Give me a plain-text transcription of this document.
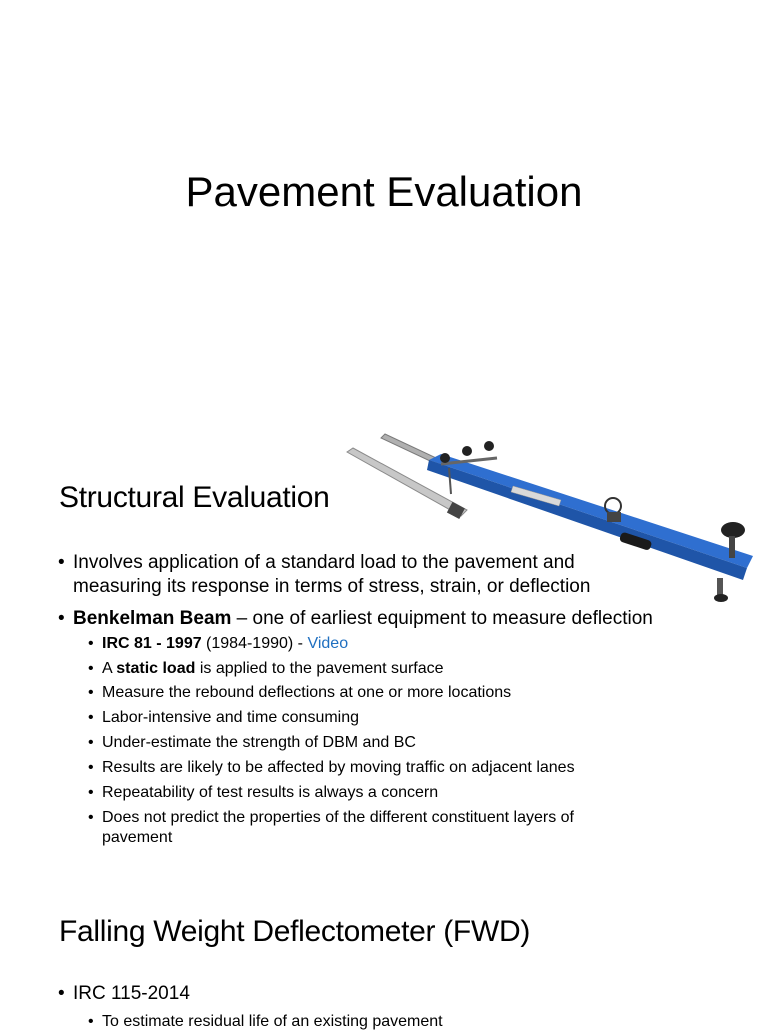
Pavement Evaluation
Structural Evaluation
• Involves application of a standard load to the pavement and
measuring its response in terms of stress, strain, or deflection
• Benkelman Beam – one of earliest equipment to measure deflection
• IRC 81 - 1997 (1984-1990) - Video
• A static load is applied to the pavement surface
• Measure the rebound deflections at one or more locations
• Labor-intensive and time consuming
• Under-estimate the strength of DBM and BC
• Results are likely to be affected by moving traffic on adjacent lanes
• Repeatability of test results is always a concern
• Does not predict the properties of the different constituent layers of
pavement
Falling Weight Deflectometer (FWD)
• IRC 115-2014
• To estimate residual life of an existing pavement
